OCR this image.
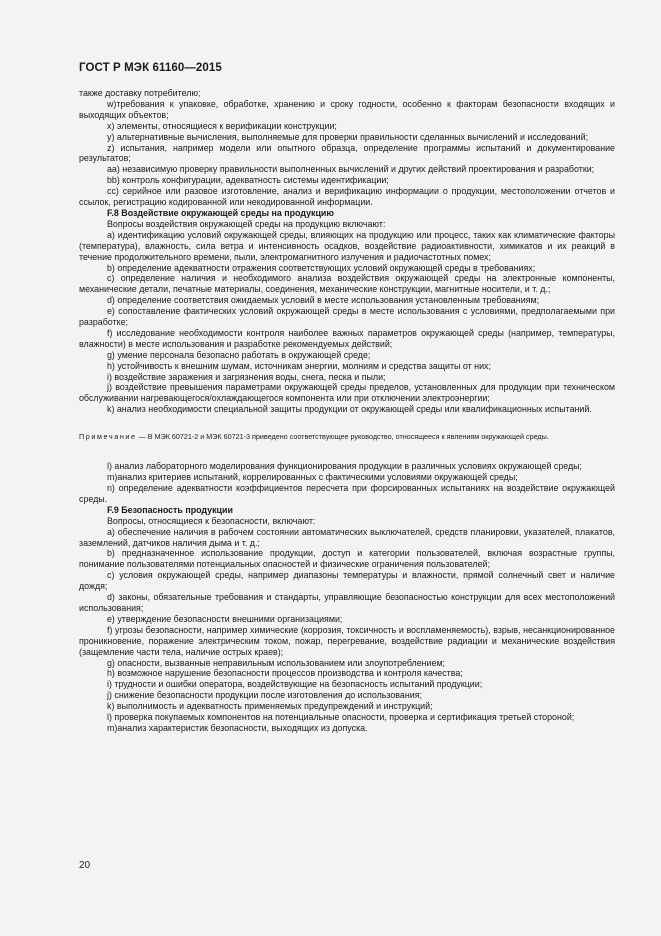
ГОСТ Р МЭК 61160—2015

также доставку потребителю;

w)требования к упаковке, обработке, хранению и сроку годности, особенно к факторам безопасности входящих и выходящих объектов;

x) элементы, относящиеся к верификации конструкции;

y) альтернативные вычисления, выполняемые для проверки правильности сделанных вычислений и исследований;

z) испытания, например модели или опытного образца, определение программы испытаний и документирование результатов;

aa) независимую проверку правильности выполненных вычислений и других действий проектирования и разработки;

bb) контроль конфигурации, адекватность системы идентификации;

cc) серийное или разовое изготовление, анализ и верификацию информации о продукции, местоположении отчетов и ссылок, регистрацию кодированной или некодированной информации.

F.8 Воздействие окружающей среды на продукцию

Вопросы воздействия окружающей среды на продукцию включают:

а) идентификацию условий окружающей среды, влияющих на продукцию или процесс, таких как климатические факторы (температура), влажность, сила ветра и интенсивность осадков, воздействие радиоактивности, химикатов и их реакций в течение продолжительного времени, пыли, электромагнитного излучения и радиочастотных помех;

b) определение адекватности отражения соответствующих условий окружающей среды в требованиях;

c) определение наличия и необходимого анализа воздействия окружающей среды на электронные компоненты, механические детали, печатные материалы, соединения, механические конструкции, магнитные носители, и т. д.;

d) определение соответствия ожидаемых условий в месте использования установленным требованиям;

e) сопоставление фактических условий окружающей среды в месте использования с условиями, предполагаемыми при разработке;

f) исследование необходимости контроля наиболее важных параметров окружающей среды (например, температуры, влажности) в месте использования и разработке рекомендуемых действий;

g) умение персонала безопасно работать в окружающей среде;

h) устойчивость к внешним шумам, источникам энергии, молниям и средства защиты от них;

i) воздействие заражения и загрязнения воды, снега, песка и пыли;

j) воздействие превышения параметрами окружающей среды пределов, установленных для продукции при техническом обслуживании нагревающегося/охлаждающегося компонента или при отключении электроэнергии;

k) анализ необходимости специальной защиты продукции от окружающей среды или квалификационных испытаний.

Примечание — В МЭК 60721-2 и МЭК 60721-3 приведено соответствующее руководство, относящееся к явлениям окружающей среды.

l) анализ лабораторного моделирования функционирования продукции в различных условиях окружающей среды;

m)анализ критериев испытаний, коррелированных с фактическими условиями окружающей среды;

n) определение адекватности коэффициентов пересчета при форсированных испытаниях на воздействие окружающей среды.

F.9 Безопасность продукции

Вопросы, относящиеся к безопасности, включают:

а) обеспечение наличия в рабочем состоянии автоматических выключателей, средств планировки, указателей, плакатов, заземлений, датчиков наличия дыма и т. д.;

b) предназначенное использование продукции, доступ и категории пользователей, включая возрастные группы, понимание пользователями потенциальных опасностей и физические ограничения пользователей;

c) условия окружающей среды, например диапазоны температуры и влажности, прямой солнечный свет и наличие дождя;

d) законы, обязательные требования и стандарты, управляющие безопасностью конструкции для всех местоположений использования;

e) утверждение безопасности внешними организациями;

f) угрозы безопасности, например химические (коррозия, токсичность и воспламеняемость), взрыв, несанкционированное проникновение, поражение электрическим током, пожар, перегревание, воздействие радиации и механические воздействия (защемление части тела, наличие острых краев);

g) опасности, вызванные неправильным использованием или злоупотреблением;

h) возможное нарушение безопасности процессов производства и контроля качества;

i) трудности и ошибки оператора, воздействующие на безопасность испытаний продукции;

j) снижение безопасности продукции после изготовления до использования;

k) выполнимость и адекватность применяемых предупреждений и инструкций;

l) проверка покупаемых компонентов на потенциальные опасности, проверка и сертификация третьей стороной;

m)анализ характеристик безопасности, выходящих из допуска.

20
